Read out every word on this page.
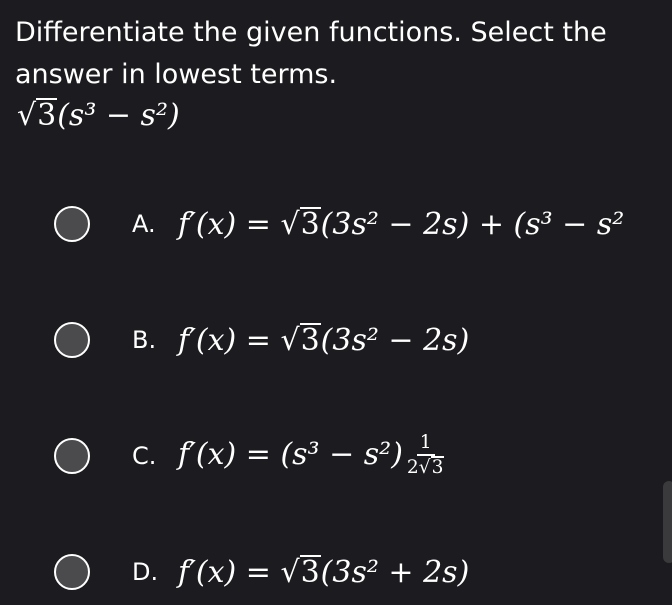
Differentiate the given functions. Select the answer in lowest terms.
√3(s³ − s²)
A. f′(x) = √3(3s² − 2s) + (s³ − s²
B. f′(x) = √3(3s² − 2s)
C. $f'(x) = (s^3 - s^2) \frac{1}{2√3}$
D. f′(x) = √3(3s² + 2s)
